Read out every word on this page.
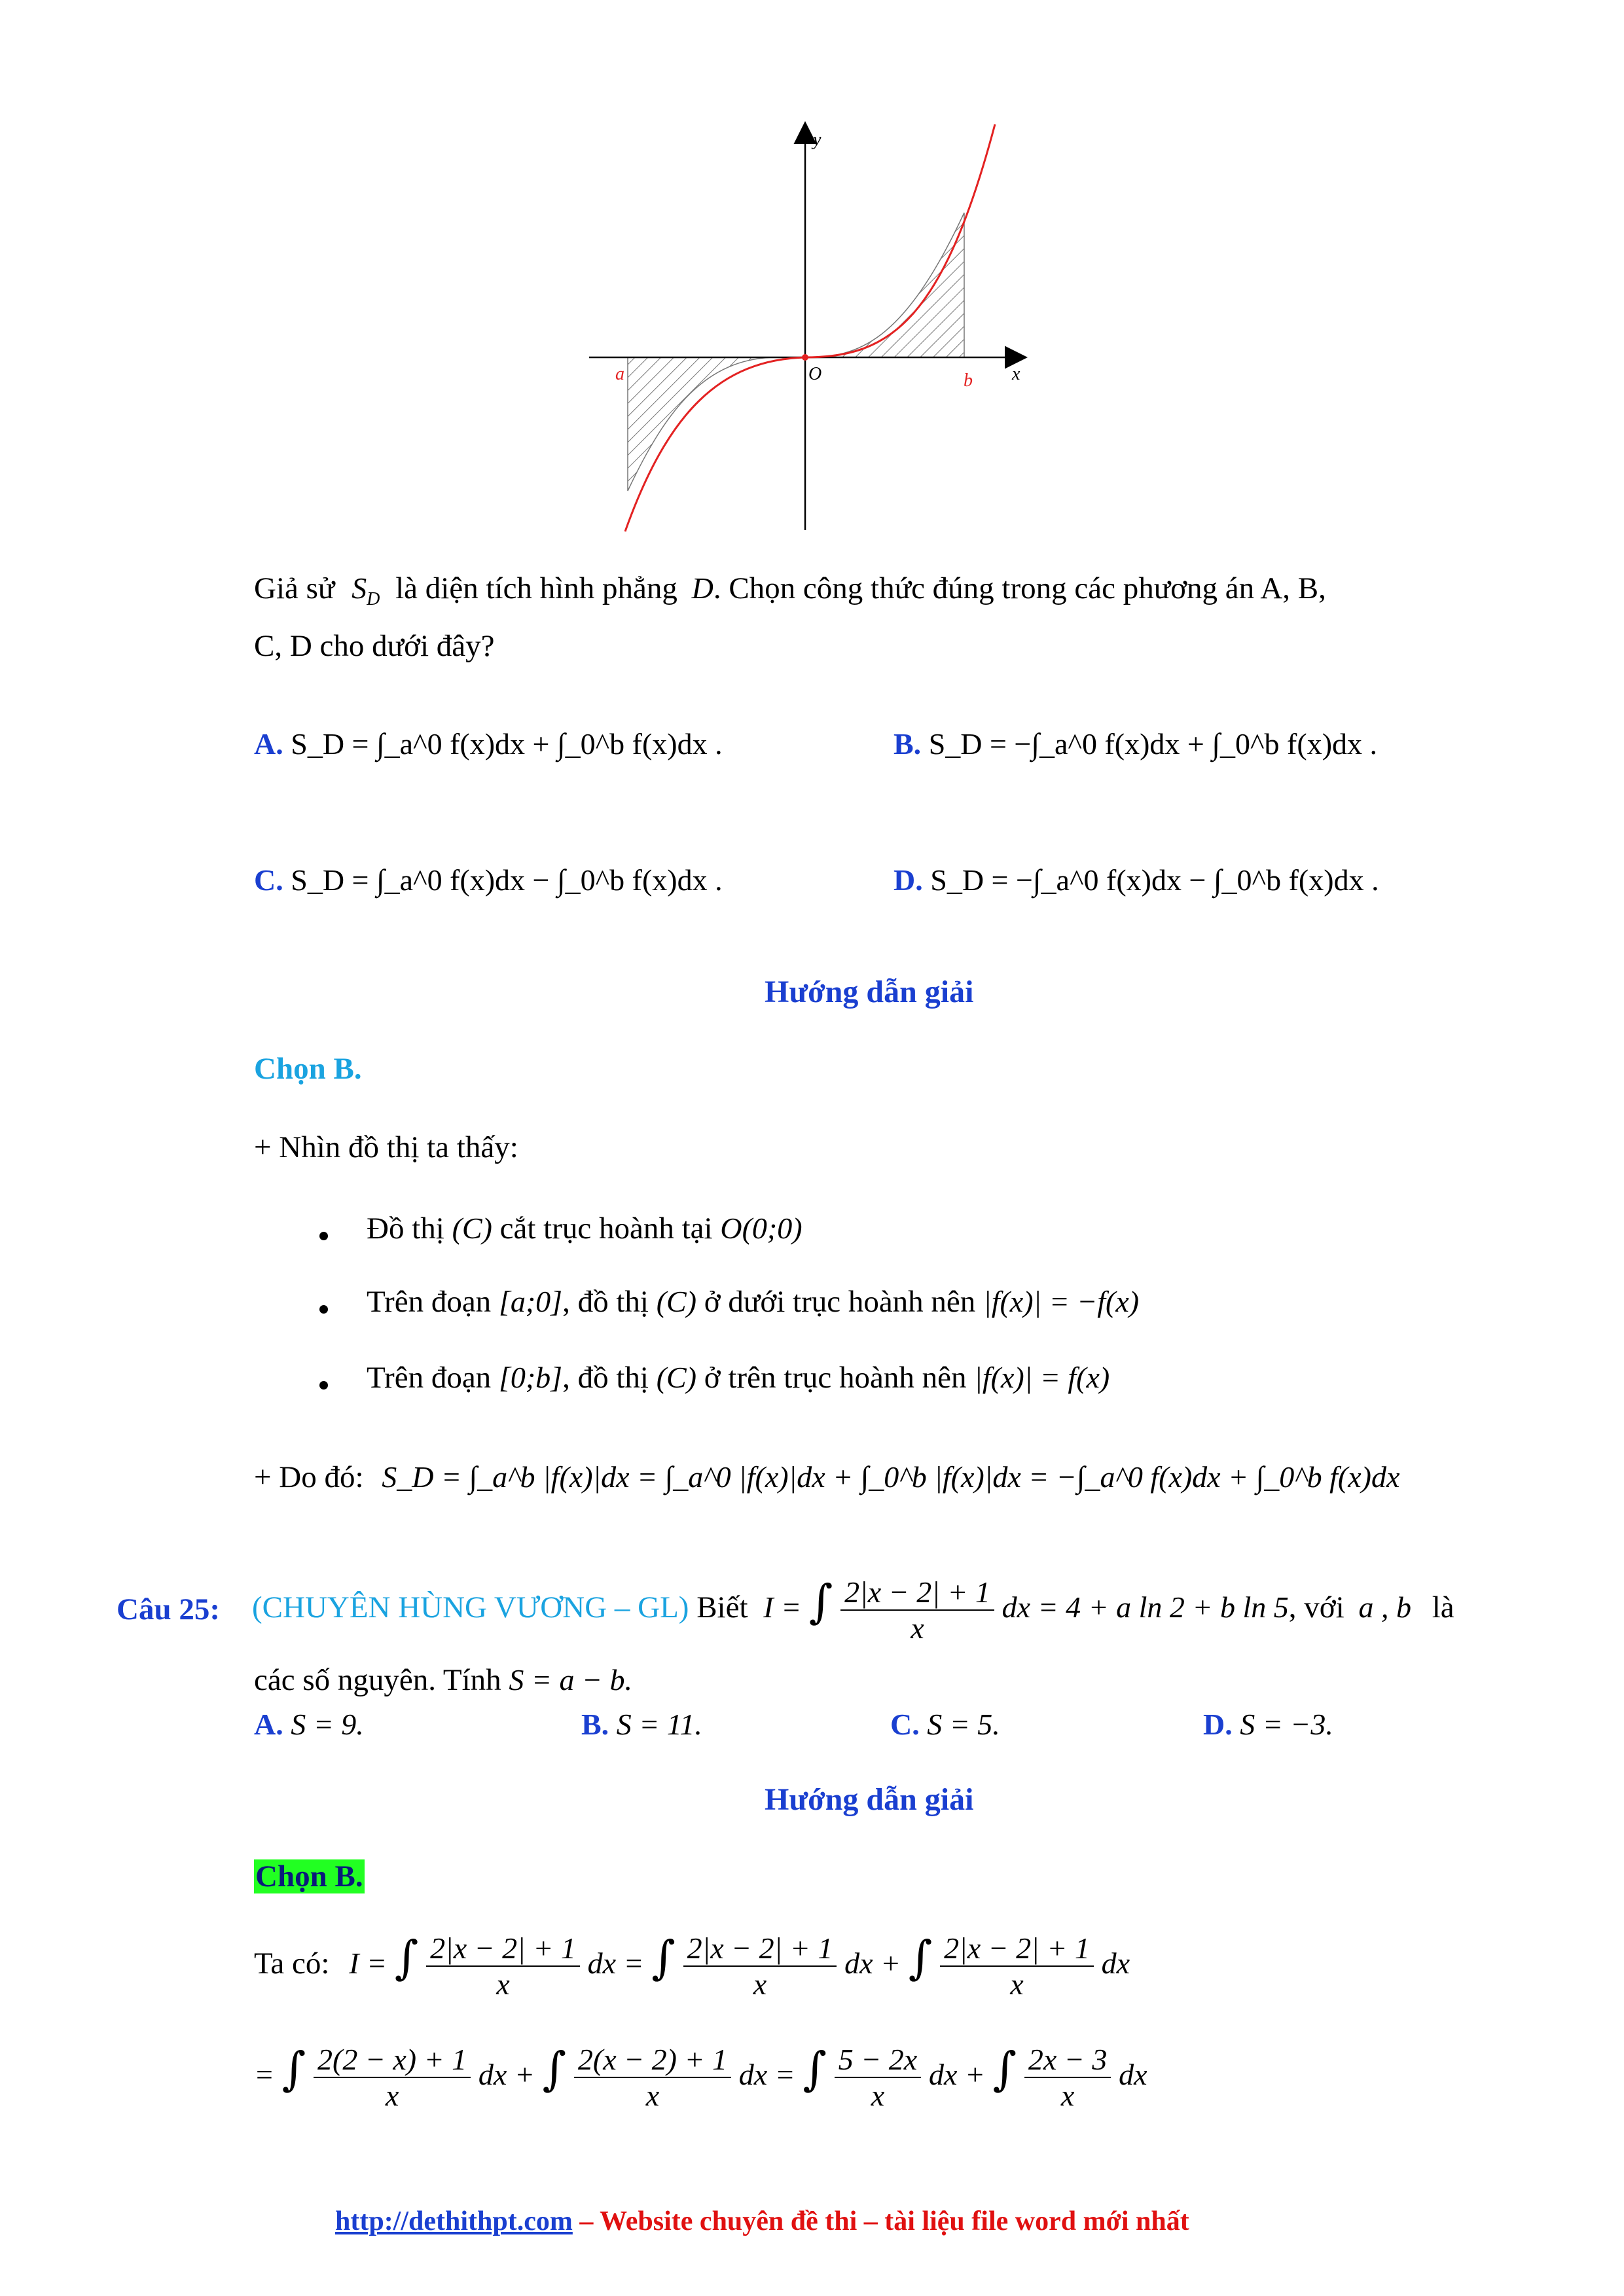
y
x
O
a	b
Giả sử $S_D$ là diện tích hình phẳng D. Chọn công thức đúng trong các phương án A, B,
C, D cho dưới đây?
A. S_D = ∫_a^0 f(x)dx + ∫_0^b f(x)dx .	B. S_D = −∫_a^0 f(x)dx + ∫_0^b f(x)dx .
C. S_D = ∫_a^0 f(x)dx − ∫_0^b f(x)dx .	D. S_D = −∫_a^0 f(x)dx − ∫_0^b f(x)dx .
Hướng dẫn giải
Chọn B.
+ Nhìn đồ thị ta thấy:
Đồ thị (C) cắt trục hoành tại O(0;0)
Trên đoạn [a;0], đồ thị (C) ở dưới trục hoành nên |f(x)| = −f(x)
Trên đoạn [0;b], đồ thị (C) ở trên trục hoành nên |f(x)| = f(x)
+ Do đó: S_D = ∫_a^b |f(x)|dx = ∫_a^0 |f(x)|dx + ∫_0^b |f(x)|dx = −∫_a^0 f(x)dx + ∫_0^b f(x)dx
Câu 25: (CHUYÊN HÙNG VƯƠNG – GL) Biết I = ∫ $\frac{2|x - 2| + 1}{x}$ dx = 4 + a ln 2 + b ln 5, với a , b là
các số nguyên. Tính S = a − b.
A. S = 9.	B. S = 11.	C. S = 5.	D. S = −3.
Hướng dẫn giải
Chọn B.
Ta có: I = ∫ $\frac{2|x - 2| + 1}{x}$ dx = ∫ $\frac{2|x - 2| + 1}{x}$ dx + ∫ $\frac{2|x - 2| + 1}{x}$ dx
= ∫ $\frac{2(2 - x) + 1}{x}$ dx + ∫ $\frac{2(x - 2) + 1}{x}$ dx = ∫ $\frac{5 - 2x}{x}$ dx + ∫ $\frac{2x - 3}{x}$ dx
http://dethithpt.com – Website chuyên đề thi – tài liệu file word mới nhất
